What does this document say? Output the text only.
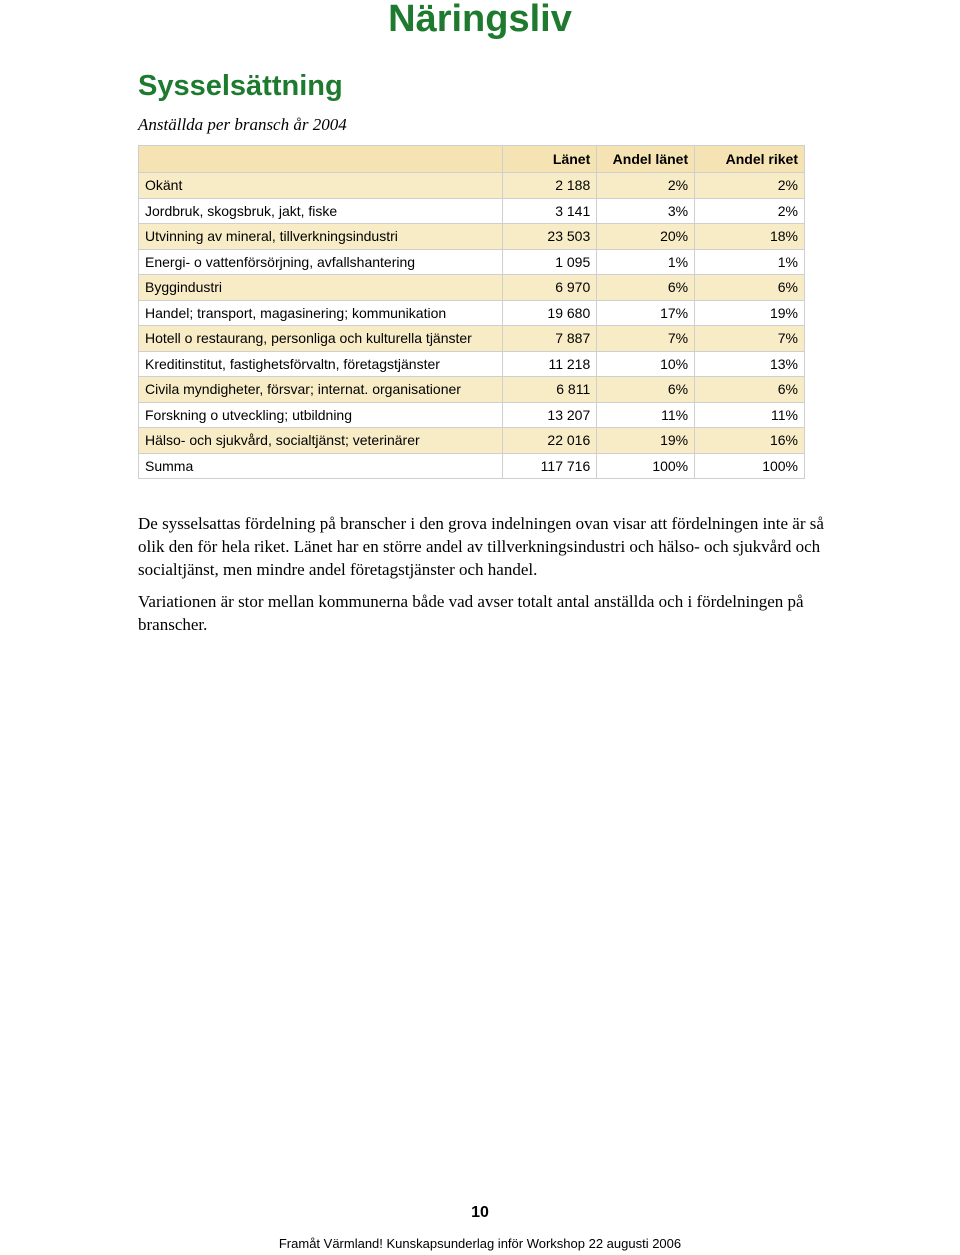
Näringsliv
Sysselsättning
Anställda per bransch år 2004
	Länet	Andel länet	Andel riket
Okänt	2 188	2%	2%
Jordbruk, skogsbruk, jakt, fiske	3 141	3%	2%
Utvinning av mineral, tillverkningsindustri	23 503	20%	18%
Energi- o vattenförsörjning, avfallshantering	1 095	1%	1%
Byggindustri	6 970	6%	6%
Handel; transport, magasinering; kommunikation	19 680	17%	19%
Hotell o restaurang, personliga och kulturella tjänster	7 887	7%	7%
Kreditinstitut, fastighetsförvaltn, företagstjänster	11 218	10%	13%
Civila myndigheter, försvar; internat. organisationer	6 811	6%	6%
Forskning o utveckling; utbildning	13 207	11%	11%
Hälso- och sjukvård, socialtjänst; veterinärer	22 016	19%	16%
Summa	117 716	100%	100%

De sysselsattas fördelning på branscher i den grova indelningen ovan visar att fördelningen inte är så olik den för hela riket. Länet har en större andel av tillverkningsindustri och hälso- och sjukvård och socialtjänst, men mindre andel företagstjänster och handel.

Variationen är stor mellan kommunerna både vad avser totalt antal anställda och i fördelningen på branscher.

10
Framåt Värmland! Kunskapsunderlag inför Workshop 22 augusti 2006
